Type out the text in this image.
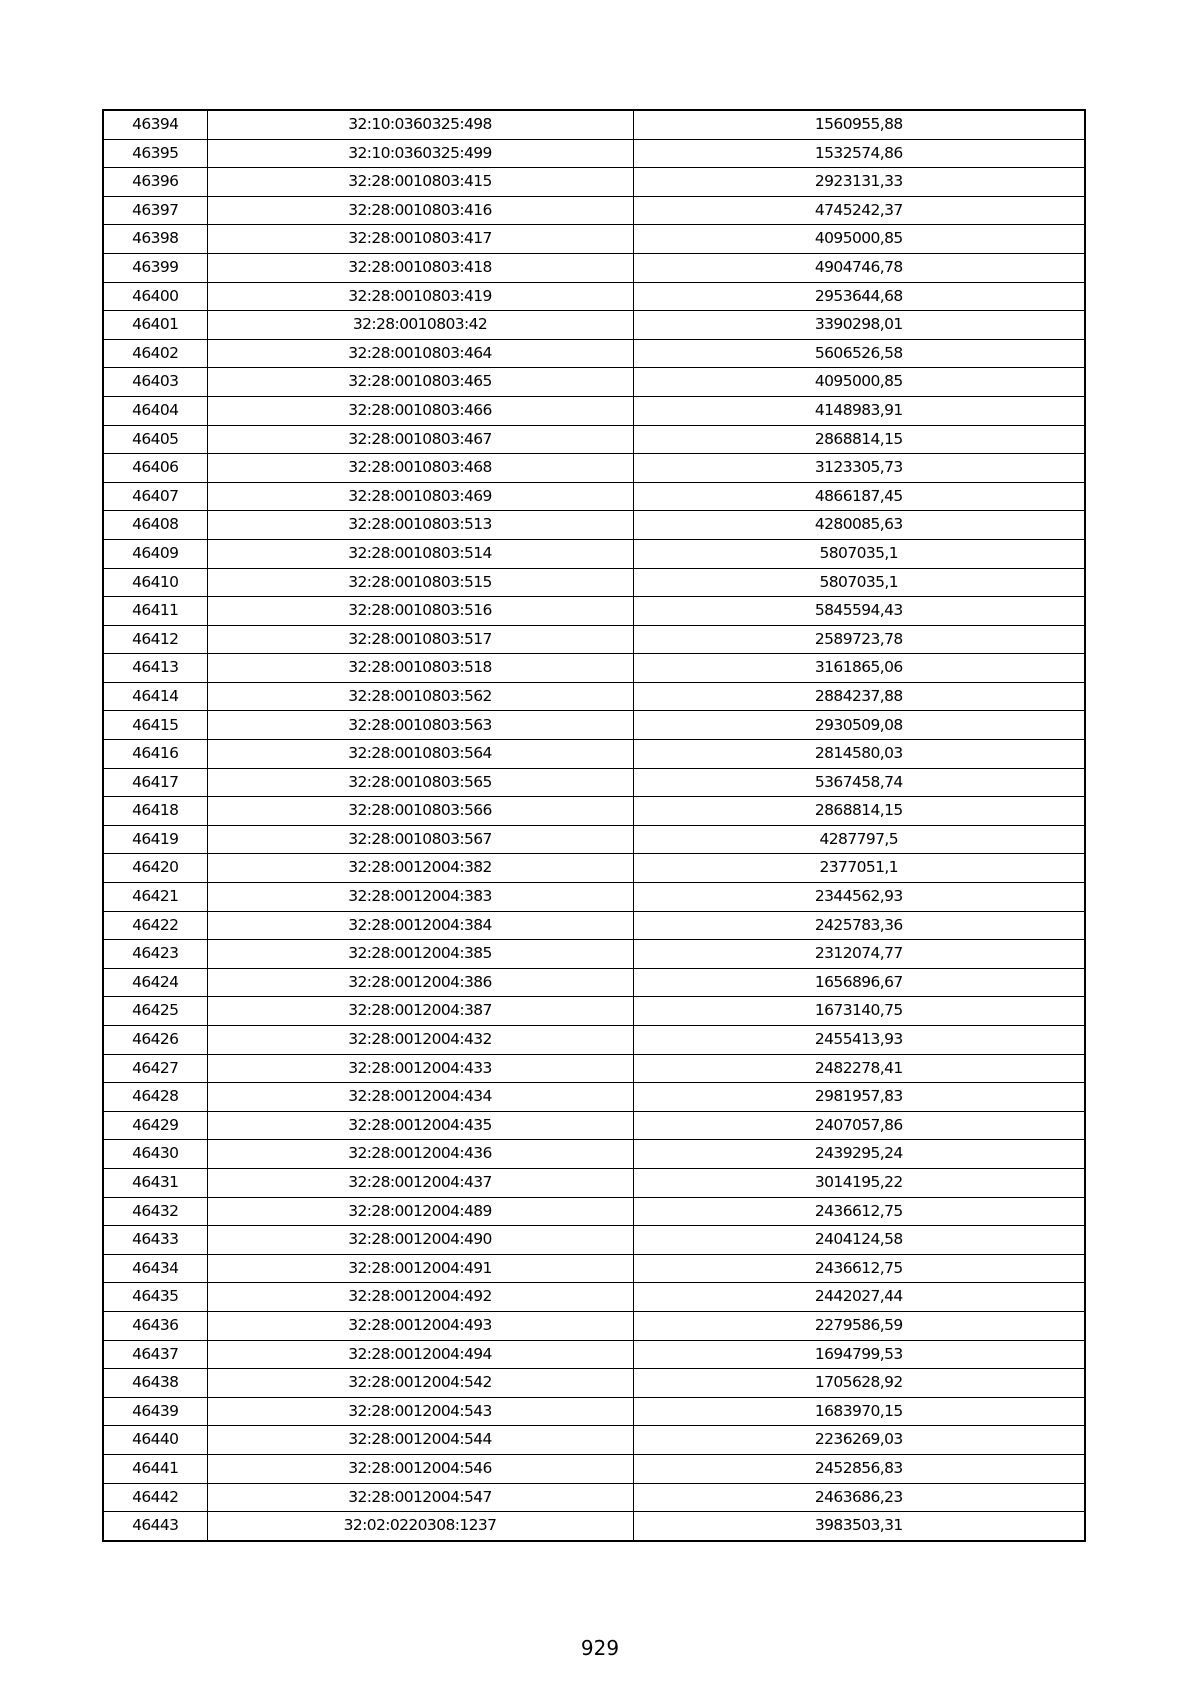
46394	32:10:0360325:498	1560955,88
46395	32:10:0360325:499	1532574,86
46396	32:28:0010803:415	2923131,33
46397	32:28:0010803:416	4745242,37
46398	32:28:0010803:417	4095000,85
46399	32:28:0010803:418	4904746,78
46400	32:28:0010803:419	2953644,68
46401	32:28:0010803:42	3390298,01
46402	32:28:0010803:464	5606526,58
46403	32:28:0010803:465	4095000,85
46404	32:28:0010803:466	4148983,91
46405	32:28:0010803:467	2868814,15
46406	32:28:0010803:468	3123305,73
46407	32:28:0010803:469	4866187,45
46408	32:28:0010803:513	4280085,63
46409	32:28:0010803:514	5807035,1
46410	32:28:0010803:515	5807035,1
46411	32:28:0010803:516	5845594,43
46412	32:28:0010803:517	2589723,78
46413	32:28:0010803:518	3161865,06
46414	32:28:0010803:562	2884237,88
46415	32:28:0010803:563	2930509,08
46416	32:28:0010803:564	2814580,03
46417	32:28:0010803:565	5367458,74
46418	32:28:0010803:566	2868814,15
46419	32:28:0010803:567	4287797,5
46420	32:28:0012004:382	2377051,1
46421	32:28:0012004:383	2344562,93
46422	32:28:0012004:384	2425783,36
46423	32:28:0012004:385	2312074,77
46424	32:28:0012004:386	1656896,67
46425	32:28:0012004:387	1673140,75
46426	32:28:0012004:432	2455413,93
46427	32:28:0012004:433	2482278,41
46428	32:28:0012004:434	2981957,83
46429	32:28:0012004:435	2407057,86
46430	32:28:0012004:436	2439295,24
46431	32:28:0012004:437	3014195,22
46432	32:28:0012004:489	2436612,75
46433	32:28:0012004:490	2404124,58
46434	32:28:0012004:491	2436612,75
46435	32:28:0012004:492	2442027,44
46436	32:28:0012004:493	2279586,59
46437	32:28:0012004:494	1694799,53
46438	32:28:0012004:542	1705628,92
46439	32:28:0012004:543	1683970,15
46440	32:28:0012004:544	2236269,03
46441	32:28:0012004:546	2452856,83
46442	32:28:0012004:547	2463686,23
46443	32:02:0220308:1237	3983503,31
929
